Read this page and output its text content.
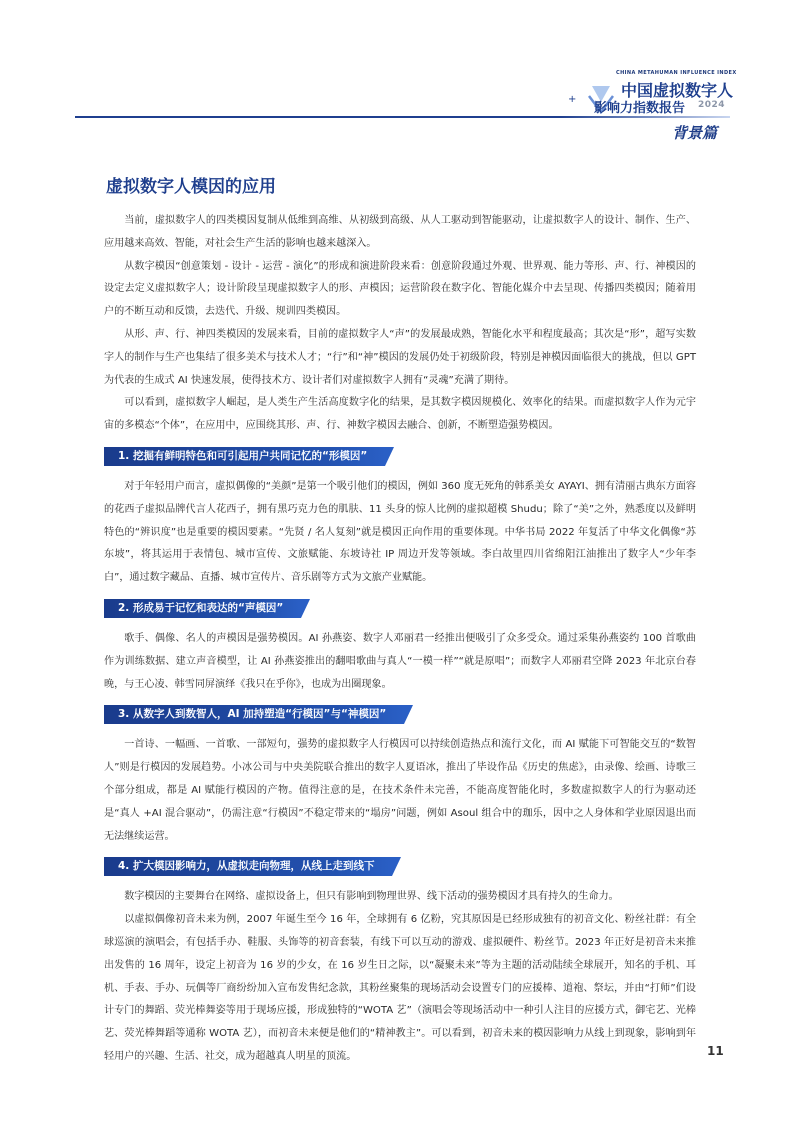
CHINA METAHUMAN INFLUENCE INDEX
+	中国虚拟数字人
影响力指数报告 2024
背景篇
虚拟数字人模因的应用

当前，虚拟数字人的四类模因复制从低维到高维、从初级到高级、从人工驱动到智能驱动，让虚拟数字人的设计、制作、生产、应用越来高效、智能，对社会生产生活的影响也越来越深入。

从数字模因“创意策划 - 设计 - 运营 - 演化”的形成和演进阶段来看：创意阶段通过外观、世界观、能力等形、声、行、神模因的设定去定义虚拟数字人；设计阶段呈现虚拟数字人的形、声模因；运营阶段在数字化、智能化媒介中去呈现、传播四类模因；随着用户的不断互动和反馈，去迭代、升级、规训四类模因。

从形、声、行、神四类模因的发展来看，目前的虚拟数字人“声”的发展最成熟，智能化水平和程度最高；其次是“形”，超写实数字人的制作与生产也集结了很多美术与技术人才；“行”和“神”模因的发展仍处于初级阶段，特别是神模因面临很大的挑战，但以 GPT 为代表的生成式 AI 快速发展，使得技术方、设计者们对虚拟数字人拥有“灵魂”充满了期待。

可以看到，虚拟数字人崛起，是人类生产生活高度数字化的结果，是其数字模因规模化、效率化的结果。而虚拟数字人作为元宇宙的多模态“个体”，在应用中，应围绕其形、声、行、神数字模因去融合、创新，不断塑造强势模因。

1. 挖掘有鲜明特色和可引起用户共同记忆的“形模因”

对于年轻用户而言，虚拟偶像的“美颜”是第一个吸引他们的模因，例如 360 度无死角的韩系美女 AYAYI、拥有清丽古典东方面容的花西子虚拟品牌代言人花西子，拥有黑巧克力色的肌肤、11 头身的惊人比例的虚拟超模 Shudu；除了“美”之外，熟悉度以及鲜明特色的“辨识度”也是重要的模因要素。“先贤 / 名人复刻”就是模因正向作用的重要体现。中华书局 2022 年复活了中华文化偶像“苏东坡”，将其运用于表情包、城市宣传、文旅赋能、东坡诗社 IP 周边开发等领域。李白故里四川省绵阳江油推出了数字人“少年李白”，通过数字藏品、直播、城市宣传片、音乐剧等方式为文旅产业赋能。

2. 形成易于记忆和表达的“声模因”

歌手、偶像、名人的声模因是强势模因。AI 孙燕姿、数字人邓丽君一经推出便吸引了众多受众。通过采集孙燕姿约 100 首歌曲作为训练数据、建立声音模型，让 AI 孙燕姿推出的翻唱歌曲与真人“一模一样”“就是原唱”；而数字人邓丽君空降 2023 年北京台春晚，与王心凌、韩雪同屏演绎《我只在乎你》，也成为出圈现象。

3. 从数字人到数智人，AI 加持塑造“行模因”与“神模因”

一首诗、一幅画、一首歌、一部短句，强势的虚拟数字人行模因可以持续创造热点和流行文化，而 AI 赋能下可智能交互的“数智人”则是行模因的发展趋势。小冰公司与中央美院联合推出的数字人夏语冰，推出了毕设作品《历史的焦虑》，由录像、绘画、诗歌三个部分组成，都是 AI 赋能行模因的产物。值得注意的是，在技术条件未完善，不能高度智能化时，多数虚拟数字人的行为驱动还是“真人 +AI 混合驱动”，仍需注意“行模因”不稳定带来的“塌房”问题，例如 Asoul 组合中的珈乐，因中之人身体和学业原因退出而无法继续运营。

4. 扩大模因影响力，从虚拟走向物理，从线上走到线下

数字模因的主要舞台在网络、虚拟设备上，但只有影响到物理世界、线下活动的强势模因才具有持久的生命力。

以虚拟偶像初音未来为例，2007 年诞生至今 16 年，全球拥有 6 亿粉，究其原因是已经形成独有的初音文化、粉丝社群：有全球巡演的演唱会，有包括手办、鞋服、头饰等的初音套装，有线下可以互动的游戏、虚拟硬件、粉丝节。2023 年正好是初音未来推出发售的 16 周年，设定上初音为 16 岁的少女，在 16 岁生日之际，以“凝聚未来”等为主题的活动陆续全球展开，知名的手机、耳机、手表、手办、玩偶等厂商纷纷加入宣布发售纪念款，其粉丝聚集的现场活动会设置专门的应援棒、道袍、祭坛，并由“打师”们设计专门的舞蹈、荧光棒舞姿等用于现场应援，形成独特的“WOTA 艺”（演唱会等现场活动中一种引人注目的应援方式，御宅艺、光棒艺、荧光棒舞蹈等通称 WOTA 艺），而初音未来便是他们的“精神教主”。可以看到，初音未来的模因影响力从线上到现象，影响到年轻用户的兴趣、生活、社交，成为超越真人明星的顶流。	11
